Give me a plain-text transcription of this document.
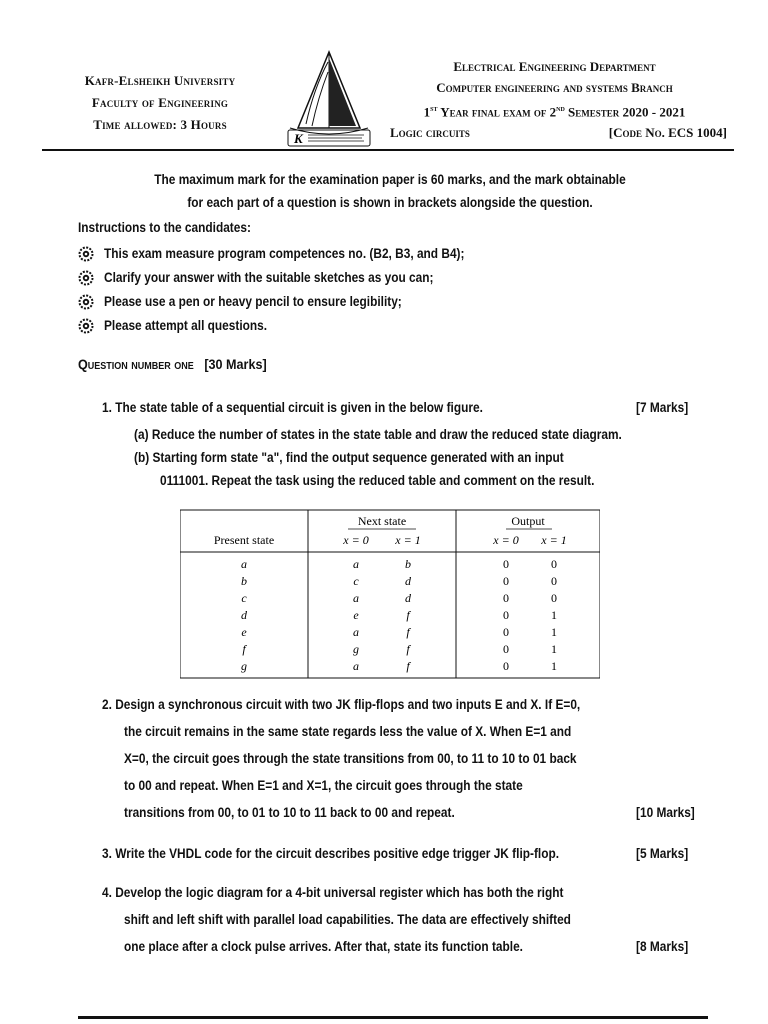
Kafr-Elsheikh University
Faculty of Engineering
Time allowed: 3 Hours
K
Electrical Engineering Department
Computer engineering and systems Branch
1st Year final exam of 2nd Semester 2020 - 2021
Logic circuits	[Code No. ECS 1004]
The maximum mark for the examination paper is 60 marks, and the mark obtainable
for each part of a question is shown in brackets alongside the question.
Instructions to the candidates:
This exam measure program competences no. (B2, B3, and B4);
Clarify your answer with the suitable sketches as you can;
Please use a pen or heavy pencil to ensure legibility;
Please attempt all questions.
Question number one [30 Marks]
1. The state table of a sequential circuit is given in the below figure.	[7 Marks]
(a) Reduce the number of states in the state table and draw the reduced state diagram.
(b) Starting form state "a", find the output sequence generated with an input
0111001. Repeat the task using the reduced table and comment on the result.
Present state
Next state	Output
x = 0 x = 1	x = 0 x = 1
a	a	b	0	0
b	c	d	0	0
c	a	d	0	0
d	e	f	0	1
e	a	f	0	1
f	g	f	0	1
g	a	f	0	1
2. Design a synchronous circuit with two JK flip-flops and two inputs E and X. If E=0,
the circuit remains in the same state regards less the value of X. When E=1 and
X=0, the circuit goes through the state transitions from 00, to 11 to 10 to 01 back
to 00 and repeat. When E=1 and X=1, the circuit goes through the state
transitions from 00, to 01 to 10 to 11 back to 00 and repeat.	[10 Marks]
3. Write the VHDL code for the circuit describes positive edge trigger JK flip-flop.	[5 Marks]
4. Develop the logic diagram for a 4-bit universal register which has both the right
shift and left shift with parallel load capabilities. The data are effectively shifted
one place after a clock pulse arrives. After that, state its function table.	[8 Marks]
